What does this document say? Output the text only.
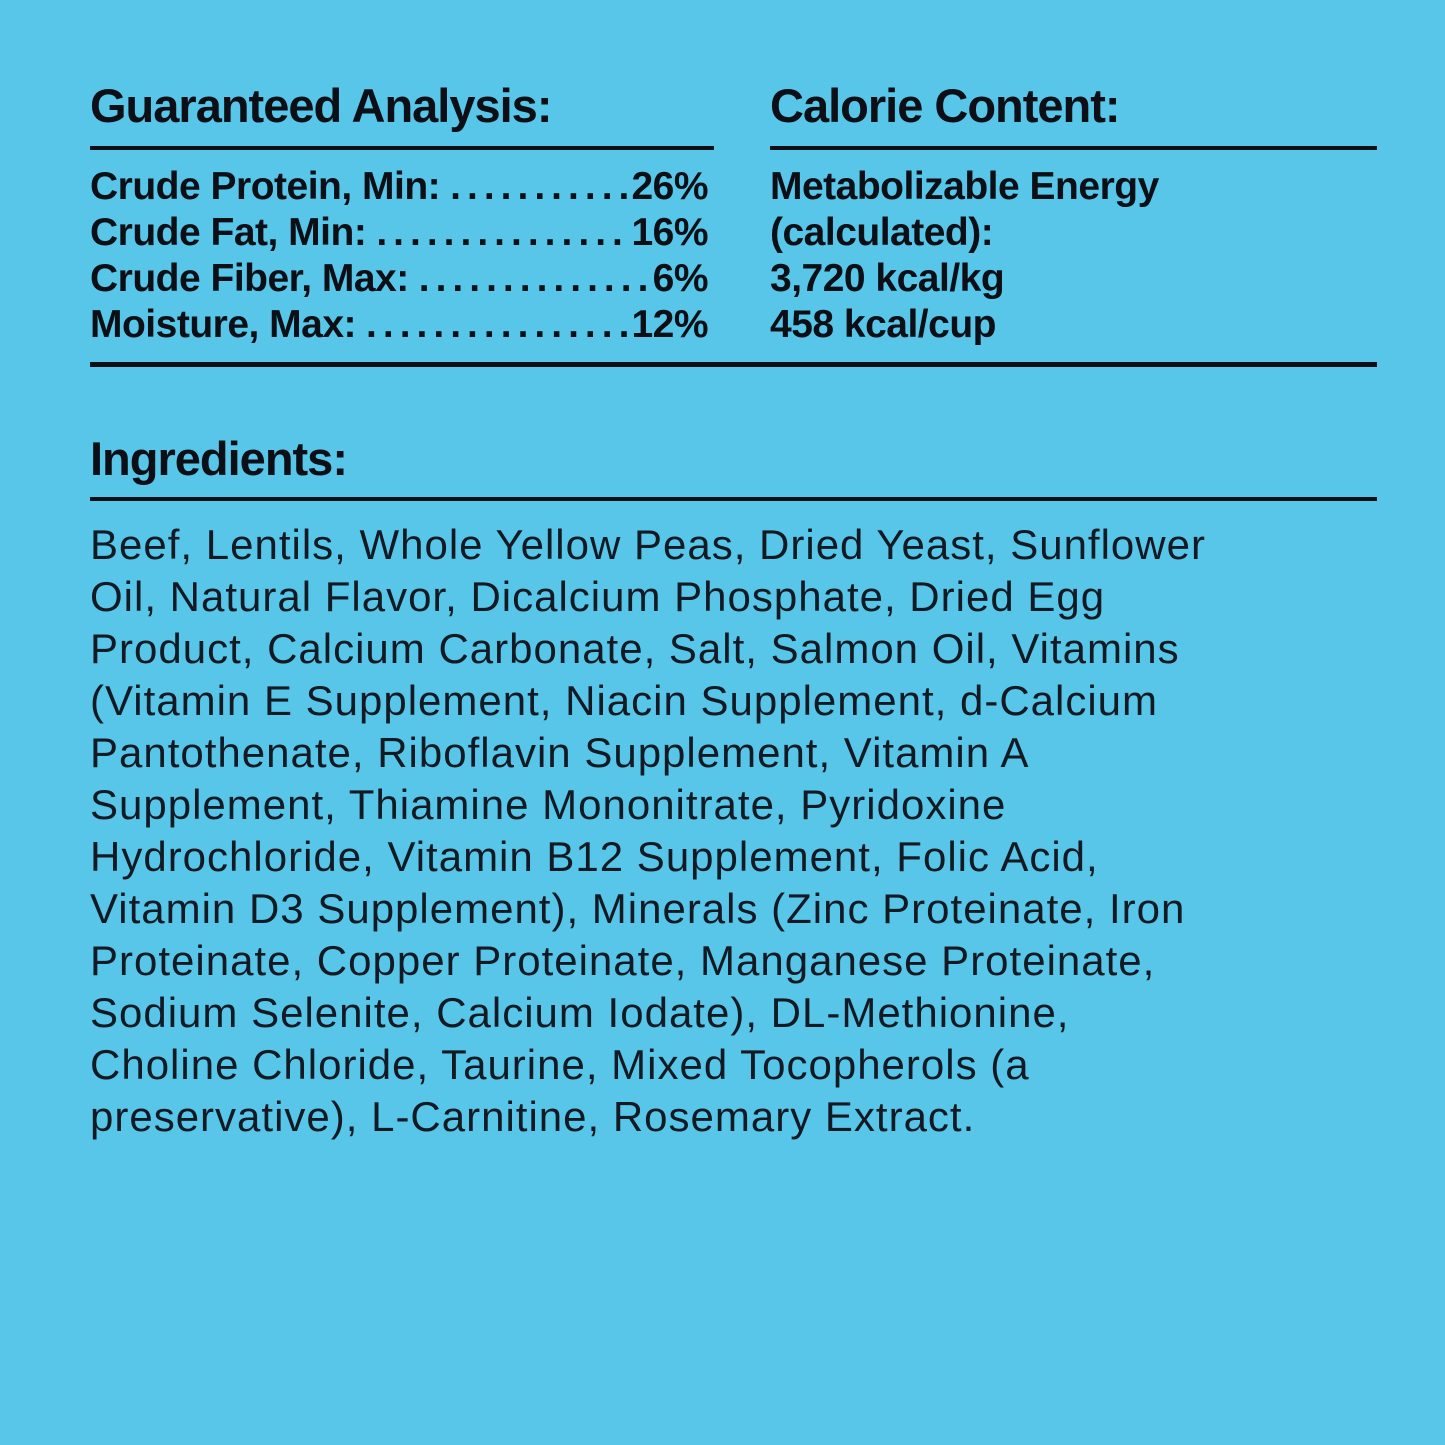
Guaranteed Analysis:	Calorie Content:
Crude Protein, Min: .....	26%
Crude Fat, Min: .....	16%
Crude Fiber, Max: .....	6%
Moisture, Max: .....	12%
Metabolizable Energy
(calculated):
3,720 kcal/kg
458 kcal/cup
Ingredients:
Beef, Lentils, Whole Yellow Peas, Dried Yeast, Sunflower
Oil, Natural Flavor, Dicalcium Phosphate, Dried Egg
Product, Calcium Carbonate, Salt, Salmon Oil, Vitamins
(Vitamin E Supplement, Niacin Supplement, d-Calcium
Pantothenate, Riboflavin Supplement, Vitamin A
Supplement, Thiamine Mononitrate, Pyridoxine
Hydrochloride, Vitamin B12 Supplement, Folic Acid,
Vitamin D3 Supplement), Minerals (Zinc Proteinate, Iron
Proteinate, Copper Proteinate, Manganese Proteinate,
Sodium Selenite, Calcium Iodate), DL-Methionine,
Choline Chloride, Taurine, Mixed Tocopherols (a
preservative), L-Carnitine, Rosemary Extract.
